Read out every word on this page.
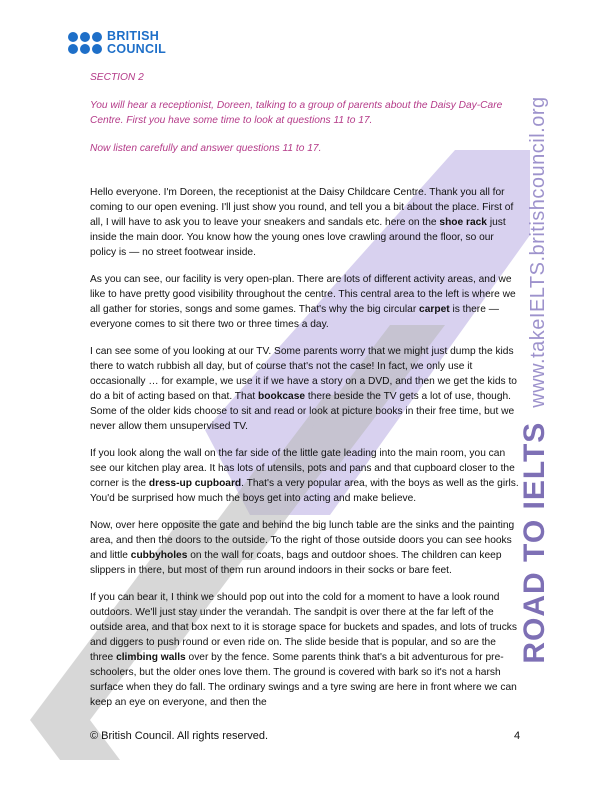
ROAD TO IELTS
www.takeIELTS.britishcouncil.org
BRITISH
COUNCIL

SECTION 2

You will hear a receptionist, Doreen, talking to a group of parents about the Daisy Day-Care Centre. First you have some time to look at questions 11 to 17.

Now listen carefully and answer questions 11 to 17.

Hello everyone. I'm Doreen, the receptionist at the Daisy Childcare Centre. Thank you all for coming to our open evening. I'll just show you round, and tell you a bit about the place. First of all, I will have to ask you to leave your sneakers and sandals etc. here on the shoe rack just inside the main door. You know how the young ones love crawling around the floor, so our policy is — no street footwear inside.

As you can see, our facility is very open-plan. There are lots of different activity areas, and we like to have pretty good visibility throughout the centre. This central area to the left is where we all gather for stories, songs and some games. That's why the big circular carpet is there — everyone comes to sit there two or three times a day.

I can see some of you looking at our TV. Some parents worry that we might just dump the kids there to watch rubbish all day, but of course that's not the case! In fact, we only use it occasionally … for example, we use it if we have a story on a DVD, and then we get the kids to do a bit of acting based on that. That bookcase there beside the TV gets a lot of use, though. Some of the older kids choose to sit and read or look at picture books in their free time, but we never allow them unsupervised TV.

If you look along the wall on the far side of the little gate leading into the main room, you can see our kitchen play area. It has lots of utensils, pots and pans and that cupboard closer to the corner is the dress-up cupboard. That's a very popular area, with the boys as well as the girls. You'd be surprised how much the boys get into acting and make believe.

Now, over here opposite the gate and behind the big lunch table are the sinks and the painting area, and then the doors to the outside. To the right of those outside doors you can see hooks and little cubbyholes on the wall for coats, bags and outdoor shoes. The children can keep slippers in there, but most of them run around indoors in their socks or bare feet.

If you can bear it, I think we should pop out into the cold for a moment to have a look round outdoors. We'll just stay under the verandah. The sandpit is over there at the far left of the outside area, and that box next to it is storage space for buckets and spades, and lots of trucks and diggers to push round or even ride on. The slide beside that is popular, and so are the three climbing walls over by the fence. Some parents think that's a bit adventurous for pre-schoolers, but the older ones love them. The ground is covered with bark so it's not a harsh surface when they do fall. The ordinary swings and a tyre swing are here in front where we can keep an eye on everyone, and then the

© British Council. All rights reserved.	4
